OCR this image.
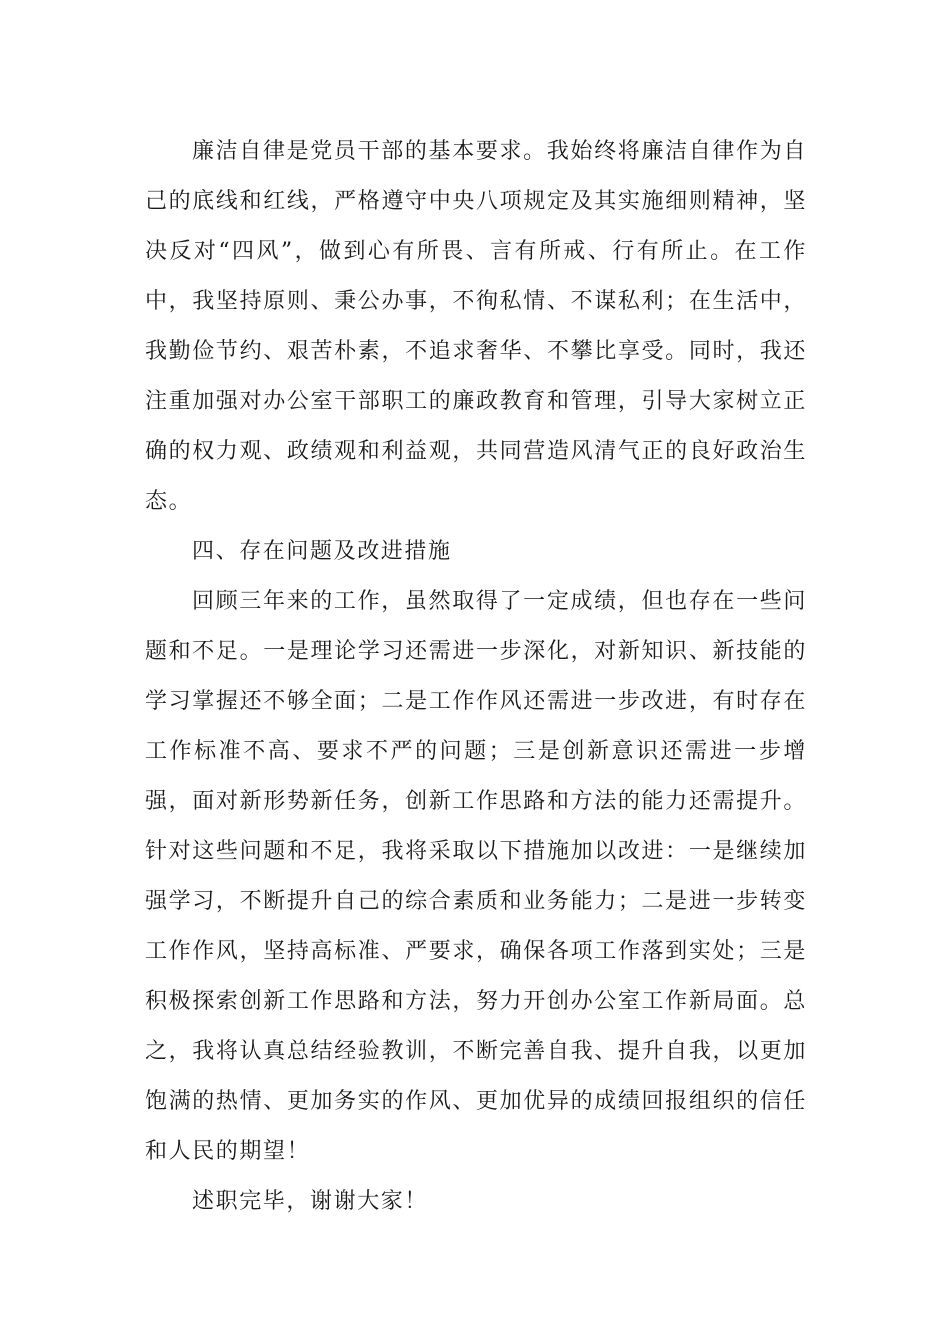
廉洁自律是党员干部的基本要求。我始终将廉洁自律作为自己的底线和红线，严格遵守中央八项规定及其实施细则精神，坚决反对“四风”，做到心有所畏、言有所戒、行有所止。在工作中，我坚持原则、秉公办事，不徇私情、不谋私利；在生活中，我勤俭节约、艰苦朴素，不追求奢华、不攀比享受。同时，我还注重加强对办公室干部职工的廉政教育和管理，引导大家树立正确的权力观、政绩观和利益观，共同营造风清气正的良好政治生态。

四、存在问题及改进措施

回顾三年来的工作，虽然取得了一定成绩，但也存在一些问题和不足。一是理论学习还需进一步深化，对新知识、新技能的学习掌握还不够全面；二是工作作风还需进一步改进，有时存在工作标准不高、要求不严的问题；三是创新意识还需进一步增强，面对新形势新任务，创新工作思路和方法的能力还需提升。针对这些问题和不足，我将采取以下措施加以改进：一是继续加强学习，不断提升自己的综合素质和业务能力；二是进一步转变工作作风，坚持高标准、严要求，确保各项工作落到实处；三是积极探索创新工作思路和方法，努力开创办公室工作新局面。总之，我将认真总结经验教训，不断完善自我、提升自我，以更加饱满的热情、更加务实的作风、更加优异的成绩回报组织的信任和人民的期望！

述职完毕，谢谢大家！
